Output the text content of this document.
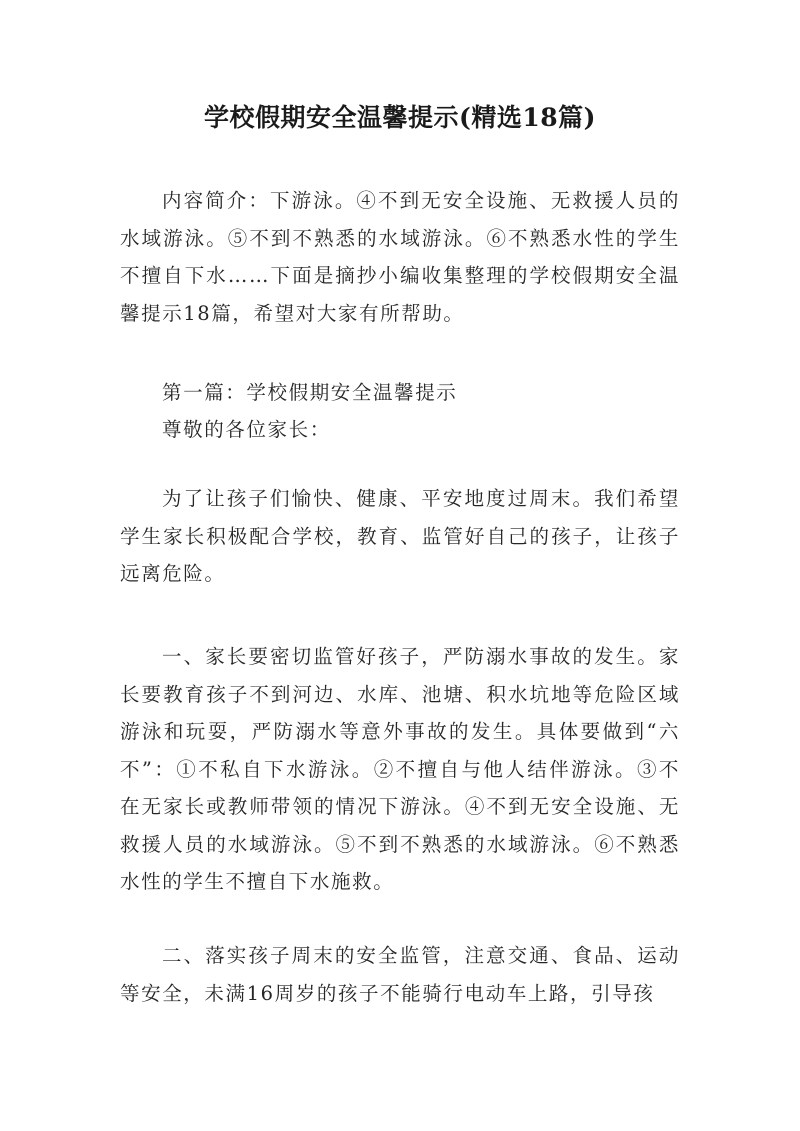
学校假期安全温馨提示(精选18篇)

内容简介：下游泳。④不到无安全设施、无救援人员的水域游泳。⑤不到不熟悉的水域游泳。⑥不熟悉水性的学生不擅自下水……下面是摘抄小编收集整理的学校假期安全温馨提示18篇，希望对大家有所帮助。

第一篇：学校假期安全温馨提示

尊敬的各位家长：

为了让孩子们愉快、健康、平安地度过周末。我们希望学生家长积极配合学校，教育、监管好自己的孩子，让孩子远离危险。

一、家长要密切监管好孩子，严防溺水事故的发生。家长要教育孩子不到河边、水库、池塘、积水坑地等危险区域游泳和玩耍，严防溺水等意外事故的发生。具体要做到“六不”：①不私自下水游泳。②不擅自与他人结伴游泳。③不在无家长或教师带领的情况下游泳。④不到无安全设施、无救援人员的水域游泳。⑤不到不熟悉的水域游泳。⑥不熟悉水性的学生不擅自下水施救。

二、落实孩子周末的安全监管，注意交通、食品、运动等安全，未满16周岁的孩子不能骑行电动车上路，引导孩
